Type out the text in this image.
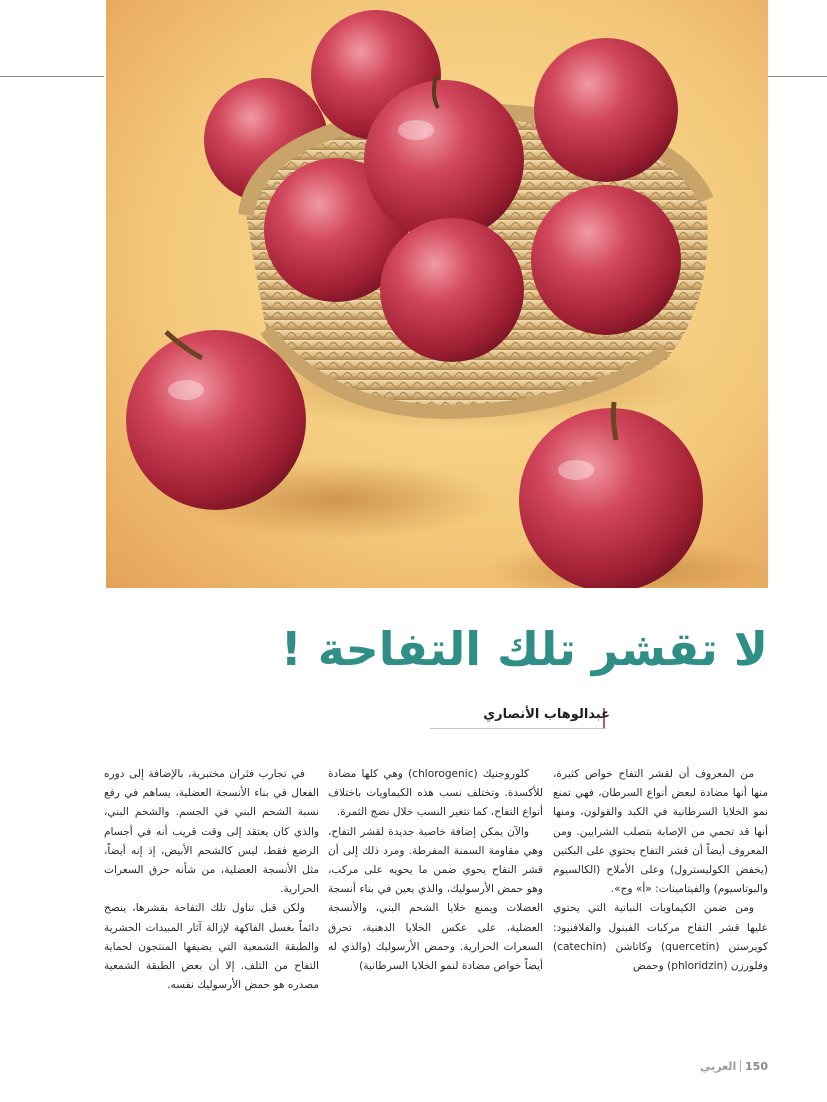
لا تقشر تلك التفاحة !
عبدالوهاب الأنصاري

من المعروف أن لقشر التفاح خواص كثيرة، منها أنها مضادة لبعض أنواع السرطان، فهي تمنع نمو الخلايا السرطانية في الكبد والقولون، ومنها أنها قد تحمي من الإصابة بتصلب الشرايين. ومن المعروف أيضاً أن قشر التفاح يحتوي على البكتين (يخفض الكوليسترول) وعلى الأملاح (الكالسيوم والبوتاسيوم) والفيتامينات: «أ» وج».

ومن ضمن الكيماويات النباتية التي يحتوي عليها قشر التفاح مركبات الفينول والفلافنيود: كويرستن (quercetin) وكاتاشن (catechin) وفلورزن (phloridzin) وحمض

كلوروجنيك (chlorogenic) وهي كلها مضادة للأكسدة. وتختلف نسب هذه الكيماويات باختلاف أنواع التفاح، كما تتغير النسب خلال نضج الثمرة.

والآن يمكن إضافة خاصية جديدة لقشر التفاح، وهي مقاومة السمنة المفرطة. ومرد ذلك إلى أن قشر التفاح يحوي ضمن ما يحويه على مركب، وهو حمض الأرسوليك، والذي يعين في بناء أنسجة العضلات ويمنع خلايا الشحم البني، والأنسجة العضلية، على عكس الخلايا الدهنية، تحرق السعرات الحرارية. وحمض الأرسوليك (والذي له أيضاً خواص مضادة لنمو الخلايا السرطانية)

في تجارب فئران مختبرية، بالإضافة إلى دوره الفعال في بناء الأنسجة العضلية، يساهم في رفع نسبة الشحم البني في الجسم. والشحم البني، والذي كان يعتقد إلى وقت قريب أنه في أجسام الرضع فقط، ليس كالشحم الأبيض، إذ إنه أيضاً، مثل الأنسجة العضلية، من شأنه حرق السعرات الحرارية.

ولكن قبل تناول تلك التفاحة بقشرها، ينصح دائماً بغسل الفاكهة لإزالة آثار المبيدات الحشرية والطبقة الشمعية التي يضيفها المنتجون لحماية التفاح من التلف. إلا أن بعض الطبقة الشمعية مصدره هو حمض الأرسوليك نفسه.

150
العربي
